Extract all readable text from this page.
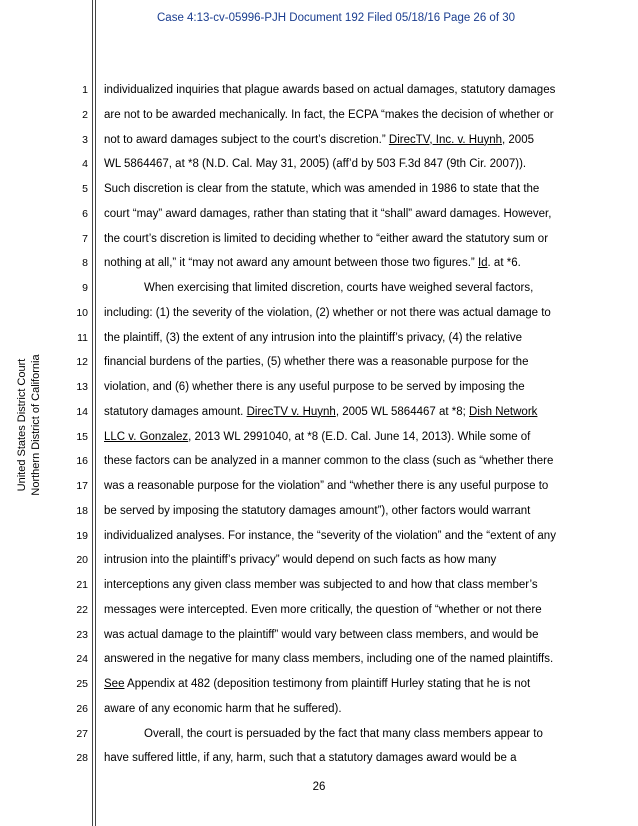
Case 4:13-cv-05996-PJH Document 192 Filed 05/18/16 Page 26 of 30
United States District Court Northern District of California
1
2
3
4
5
6
7
8
9
10
11
12
13
14
15
16
17
18
19
20
21
22
23
24
25
26
27
28
individualized inquiries that plague awards based on actual damages, statutory damages
are not to be awarded mechanically. In fact, the ECPA “makes the decision of whether or
not to award damages subject to the court’s discretion.” DirecTV, Inc. v. Huynh, 2005
WL 5864467, at *8 (N.D. Cal. May 31, 2005) (aff’d by 503 F.3d 847 (9th Cir. 2007)).
Such discretion is clear from the statute, which was amended in 1986 to state that the
court “may” award damages, rather than stating that it “shall” award damages. However,
the court’s discretion is limited to deciding whether to “either award the statutory sum or
nothing at all,” it “may not award any amount between those two figures.” Id. at *6.
When exercising that limited discretion, courts have weighed several factors,
including: (1) the severity of the violation, (2) whether or not there was actual damage to
the plaintiff, (3) the extent of any intrusion into the plaintiff’s privacy, (4) the relative
financial burdens of the parties, (5) whether there was a reasonable purpose for the
violation, and (6) whether there is any useful purpose to be served by imposing the
statutory damages amount. DirecTV v. Huynh, 2005 WL 5864467 at *8; Dish Network
LLC v. Gonzalez, 2013 WL 2991040, at *8 (E.D. Cal. June 14, 2013). While some of
these factors can be analyzed in a manner common to the class (such as “whether there
was a reasonable purpose for the violation” and “whether there is any useful purpose to
be served by imposing the statutory damages amount”), other factors would warrant
individualized analyses. For instance, the “severity of the violation” and the “extent of any
intrusion into the plaintiff’s privacy” would depend on such facts as how many
interceptions any given class member was subjected to and how that class member’s
messages were intercepted. Even more critically, the question of “whether or not there
was actual damage to the plaintiff” would vary between class members, and would be
answered in the negative for many class members, including one of the named plaintiffs.
See Appendix at 482 (deposition testimony from plaintiff Hurley stating that he is not
aware of any economic harm that he suffered).
Overall, the court is persuaded by the fact that many class members appear to
have suffered little, if any, harm, such that a statutory damages award would be a
26
